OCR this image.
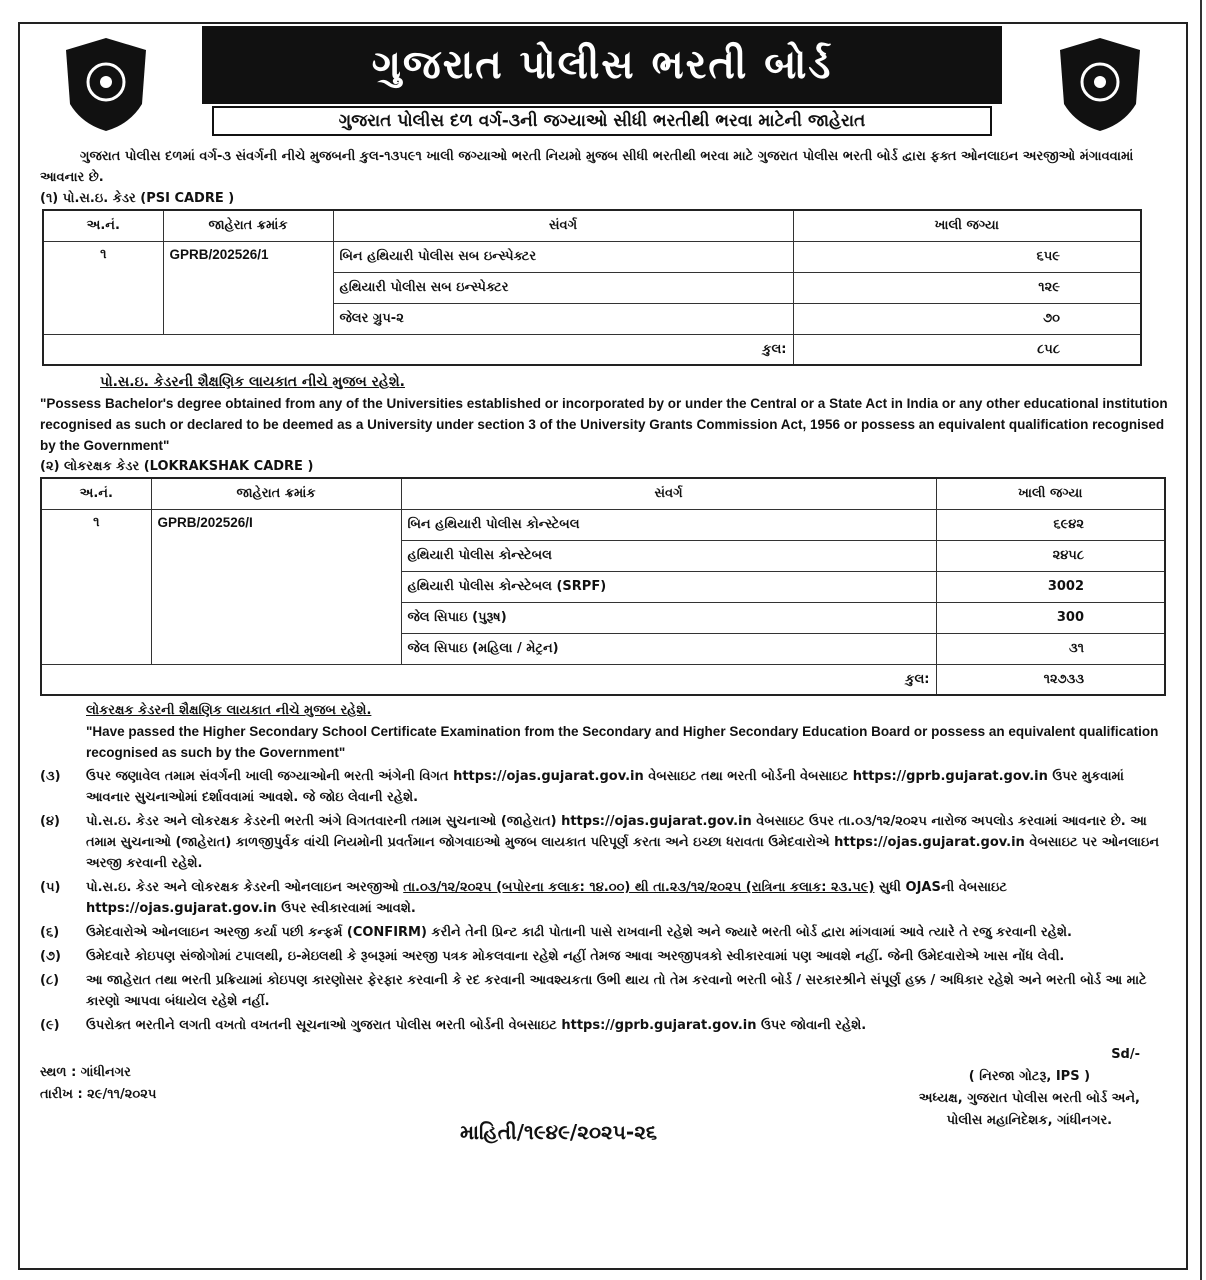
ગુજરાત પોલીસ ભરતી બોર્ડ
ગુજરાત પોલીસ દળ વર્ગ-૩ની જગ્યાઓ સીધી ભરતીથી ભરવા માટેની જાહેરાત

ગુજરાત પોલીસ દળમાં વર્ગ-૩ સંવર્ગની નીચે મુજબની કુલ-૧૩૫૯૧ ખાલી જગ્યાઓ ભરતી નિયમો મુજબ સીધી ભરતીથી ભરવા માટે ગુજરાત પોલીસ ભરતી બોર્ડ દ્વારા ફક્ત ઓનલાઇન અરજીઓ મંગાવવામાં આવનાર છે.

(૧) પો.સ.ઇ. કેડર (PSI CADRE )

અ.નં.	જાહેરાત ક્રમાંક	સંવર્ગ	ખાલી જગ્યા
૧	GPRB/202526/1	બિન હથિયારી પોલીસ સબ ઇન્સ્પેક્ટર	૬૫૯
		હથિયારી પોલીસ સબ ઇન્સ્પેક્ટર	૧૨૯
		જેલર ગ્રુપ-૨	૭૦
કુલ:			૮૫૮

પો.સ.ઇ. કેડરની શૈક્ષણિક લાયકાત નીચે મુજબ રહેશે.

"Possess Bachelor's degree obtained from any of the Universities established or incorporated by or under the Central or a State Act in India or any other educational institution recognised as such or declared to be deemed as a University under section 3 of the University Grants Commission Act, 1956 or possess an equivalent qualification recognised by the Government"

(૨) લોકરક્ષક કેડર (LOKRAKSHAK CADRE )

અ.નં.	જાહેરાત ક્રમાંક	સંવર્ગ	ખાલી જગ્યા
૧	GPRB/202526/I	બિન હથિયારી પોલીસ કોન્સ્ટેબલ	૬૯૪૨
		હથિયારી પોલીસ કોન્સ્ટેબલ	૨૪૫૮
		હથિયારી પોલીસ કોન્સ્ટેબલ (SRPF)	3002
		જેલ સિપાઇ (પુરૂષ)	300
		જેલ સિપાઇ (મહિલા / મેટ્રન)	૩૧
કુલ:			૧૨૭૩૩

લોકરક્ષક કેડરની શૈક્ષણિક લાયકાત નીચે મુજબ રહેશે.

"Have passed the Higher Secondary School Certificate Examination from the Secondary and Higher Secondary Education Board or possess an equivalent qualification recognised as such by the Government"

(૩)	ઉપર જણાવેલ તમામ સંવર્ગની ખાલી જગ્યાઓની ભરતી અંગેની વિગત https://ojas.gujarat.gov.in વેબસાઇટ તથા ભરતી બોર્ડની વેબસાઇટ https://gprb.gujarat.gov.in ઉપર મુકવામાં આવનાર સુચનાઓમાં દર્શાવવામાં આવશે. જે જોઇ લેવાની રહેશે.
(૪)	પો.સ.ઇ. કેડર અને લોકરક્ષક કેડરની ભરતી અંગે વિગતવારની તમામ સુચનાઓ (જાહેરાત) https://ojas.gujarat.gov.in વેબસાઇટ ઉપર તા.૦૩/૧૨/૨૦૨૫ નારોજ અપલોડ કરવામાં આવનાર છે. આ તમામ સુચનાઓ (જાહેરાત) કાળજીપુર્વક વાંચી નિયમોની પ્રવર્તમાન જોગવાઇઓ મુજબ લાયકાત પરિપૂર્ણ કરતા અને ઇચ્છા ધરાવતા ઉમેદવારોએ https://ojas.gujarat.gov.in વેબસાઇટ પર ઓનલાઇન અરજી કરવાની રહેશે.
(૫)	પો.સ.ઇ. કેડર અને લોકરક્ષક કેડરની ઓનલાઇન અરજીઓ તા.૦૩/૧૨/૨૦૨૫ (બપોરના કલાક: ૧૪.૦૦) થી તા.૨૩/૧૨/૨૦૨૫ (રાત્રિના કલાક: ૨૩.૫૯) સુધી OJASની વેબસાઇટ https://ojas.gujarat.gov.in ઉપર સ્વીકારવામાં આવશે.
(૬)	ઉમેદવારોએ ઓનલાઇન અરજી કર્યા પછી કન્ફર્મ (CONFIRM) કરીને તેની પ્રિન્ટ કાઢી પોતાની પાસે રાખવાની રહેશે અને જ્યારે ભરતી બોર્ડ દ્વારા માંગવામાં આવે ત્યારે તે રજુ કરવાની રહેશે.
(૭)	ઉમેદવારે કોઇપણ સંજોગોમાં ટપાલથી, ઇ-મેઇલથી કે રૂબરૂમાં અરજી પત્રક મોકલવાના રહેશે નહીં તેમજ આવા અરજીપત્રકો સ્વીકારવામાં પણ આવશે નહીં. જેની ઉમેદવારોએ ખાસ નોંધ લેવી.
(૮)	આ જાહેરાત તથા ભરતી પ્રક્રિયામાં કોઇપણ કારણોસર ફેરફાર કરવાની કે રદ કરવાની આવશ્યકતા ઉભી થાય તો તેમ કરવાનો ભરતી બોર્ડ / સરકારશ્રીને સંપૂર્ણ હક્ક / અધિકાર રહેશે અને ભરતી બોર્ડ આ માટે કારણો આપવા બંધાયેલ રહેશે નહીં.
(૯)	ઉપરોક્ત ભરતીને લગતી વખતો વખતની સૂચનાઓ ગુજરાત પોલીસ ભરતી બોર્ડની વેબસાઇટ https://gprb.gujarat.gov.in ઉપર જોવાની રહેશે.

સ્થળ : ગાંધીનગર

તારીખ : ૨૯/૧૧/૨૦૨૫

માહિતી/૧૯૪૯/૨૦૨૫-૨૬

Sd/-

( નિરજા ગોટરૂ, IPS )

અધ્યક્ષ, ગુજરાત પોલીસ ભરતી બોર્ડ અને,

પોલીસ મહાનિદેશક, ગાંધીનગર.
